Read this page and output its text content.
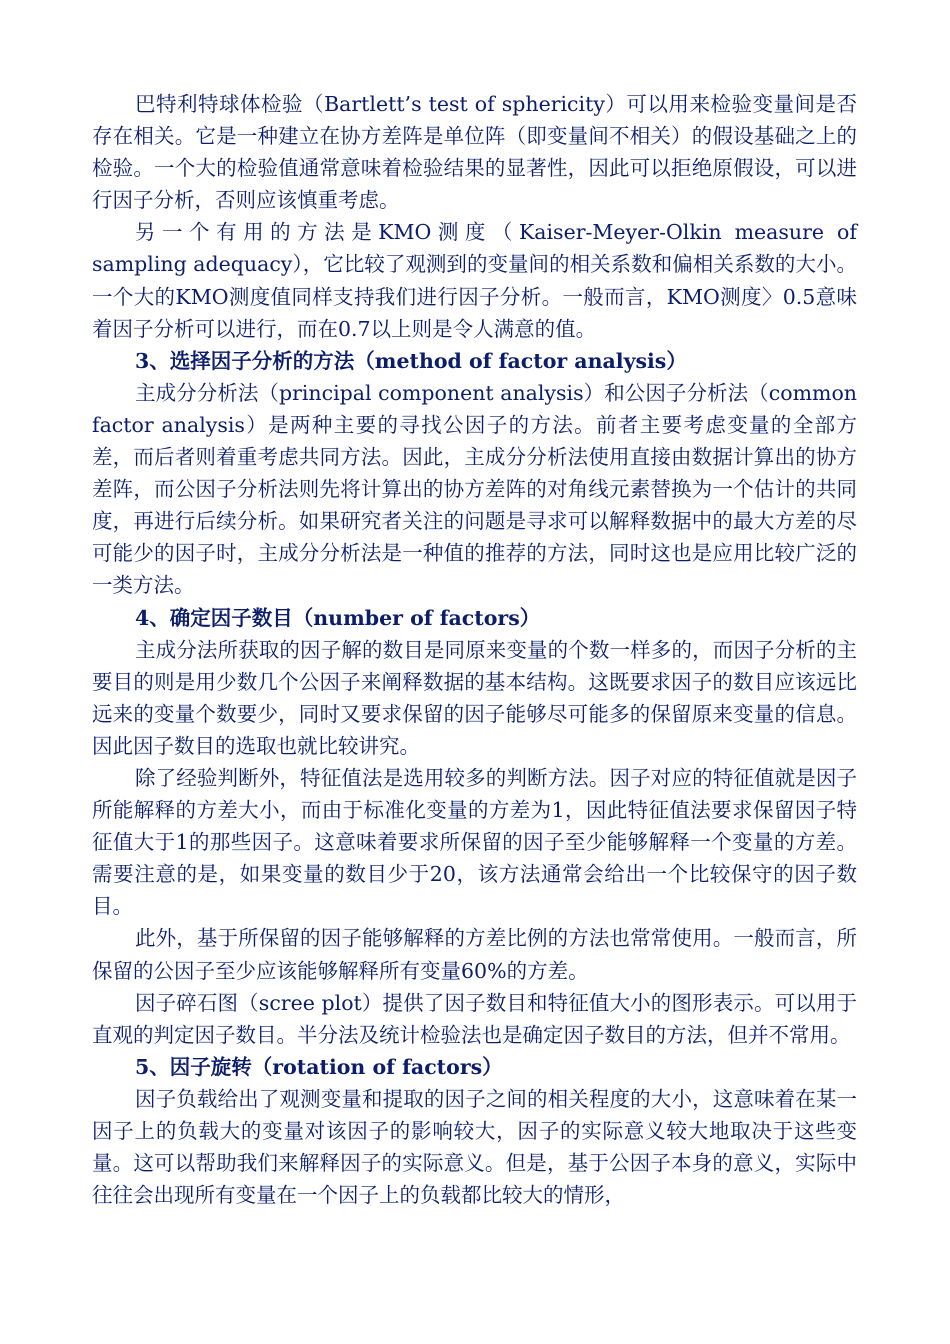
巴特利特球体检验（Bartlett’s test of sphericity）可以用来检验变量间是否存在相关。它是一种建立在协方差阵是单位阵（即变量间不相关）的假设基础之上的检验。一个大的检验值通常意味着检验结果的显著性，因此可以拒绝原假设，可以进行因子分析，否则应该慎重考虑。

另一个有用的方法是KMO测度（Kaiser-Meyer-Olkin measure of sampling adequacy），它比较了观测到的变量间的相关系数和偏相关系数的大小。一个大的KMO测度值同样支持我们进行因子分析。一般而言，KMO测度〉0.5意味着因子分析可以进行，而在0.7以上则是令人满意的值。

3、选择因子分析的方法（method of factor analysis）

主成分分析法（principal component analysis）和公因子分析法（common factor analysis）是两种主要的寻找公因子的方法。前者主要考虑变量的全部方差，而后者则着重考虑共同方法。因此，主成分分析法使用直接由数据计算出的协方差阵，而公因子分析法则先将计算出的协方差阵的对角线元素替换为一个估计的共同度，再进行后续分析。如果研究者关注的问题是寻求可以解释数据中的最大方差的尽可能少的因子时，主成分分析法是一种值的推荐的方法，同时这也是应用比较广泛的一类方法。

4、确定因子数目（number of factors）

主成分法所获取的因子解的数目是同原来变量的个数一样多的，而因子分析的主要目的则是用少数几个公因子来阐释数据的基本结构。这既要求因子的数目应该远比远来的变量个数要少，同时又要求保留的因子能够尽可能多的保留原来变量的信息。因此因子数目的选取也就比较讲究。

除了经验判断外，特征值法是选用较多的判断方法。因子对应的特征值就是因子所能解释的方差大小，而由于标准化变量的方差为1，因此特征值法要求保留因子特征值大于1的那些因子。这意味着要求所保留的因子至少能够解释一个变量的方差。需要注意的是，如果变量的数目少于20，该方法通常会给出一个比较保守的因子数目。

此外，基于所保留的因子能够解释的方差比例的方法也常常使用。一般而言，所保留的公因子至少应该能够解释所有变量60%的方差。

因子碎石图（scree plot）提供了因子数目和特征值大小的图形表示。可以用于直观的判定因子数目。半分法及统计检验法也是确定因子数目的方法，但并不常用。

5、因子旋转（rotation of factors）

因子负载给出了观测变量和提取的因子之间的相关程度的大小，这意味着在某一因子上的负载大的变量对该因子的影响较大，因子的实际意义较大地取决于这些变量。这可以帮助我们来解释因子的实际意义。但是，基于公因子本身的意义，实际中往往会出现所有变量在一个因子上的负载都比较大的情形，
